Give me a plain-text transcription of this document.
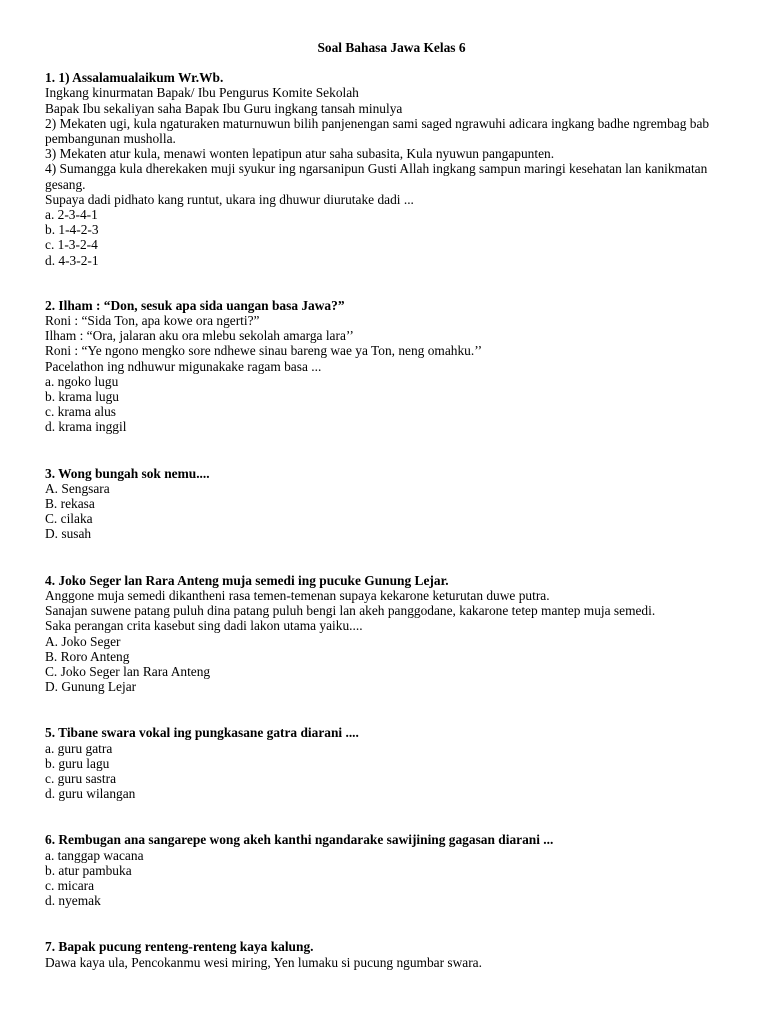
Soal Bahasa Jawa Kelas 6
1. 1) Assalamualaikum Wr.Wb.
Ingkang kinurmatan Bapak/ Ibu Pengurus Komite Sekolah
Bapak Ibu sekaliyan saha Bapak Ibu Guru ingkang tansah minulya
2) Mekaten ugi, kula ngaturaken maturnuwun bilih panjenengan sami saged ngrawuhi adicara ingkang badhe ngrembag bab pembangunan musholla.
3) Mekaten atur kula, menawi wonten lepatipun atur saha subasita, Kula nyuwun pangapunten.
4) Sumangga kula dherekaken muji syukur ing ngarsanipun Gusti Allah ingkang sampun maringi kesehatan lan kanikmatan gesang.
Supaya dadi pidhato kang runtut, ukara ing dhuwur diurutake dadi ...
a. 2-3-4-1
b. 1-4-2-3
c. 1-3-2-4
d. 4-3-2-1
2. Ilham : “Don, sesuk apa sida uangan basa Jawa?”
Roni : “Sida Ton, apa kowe ora ngerti?”
Ilham : “Ora, jalaran aku ora mlebu sekolah amarga lara’’
Roni : “Ye ngono mengko sore ndhewe sinau bareng wae ya Ton, neng omahku.’’
Pacelathon ing ndhuwur migunakake ragam basa ...
a. ngoko lugu
b. krama lugu
c. krama alus
d. krama inggil
3. Wong bungah sok nemu....
A. Sengsara
B. rekasa
C. cilaka
D. susah
4. Joko Seger lan Rara Anteng muja semedi ing pucuke Gunung Lejar.
Anggone muja semedi dikantheni rasa temen-temenan supaya kekarone keturutan duwe putra.
Sanajan suwene patang puluh dina patang puluh bengi lan akeh panggodane, kakarone tetep mantep muja semedi.
Saka perangan crita kasebut sing dadi lakon utama yaiku....
A. Joko Seger
B. Roro Anteng
C. Joko Seger lan Rara Anteng
D. Gunung Lejar
5. Tibane swara vokal ing pungkasane gatra diarani ....
a. guru gatra
b. guru lagu
c. guru sastra
d. guru wilangan
6. Rembugan ana sangarepe wong akeh kanthi ngandarake sawijining gagasan diarani ...
a. tanggap wacana
b. atur pambuka
c. micara
d. nyemak
7. Bapak pucung renteng-renteng kaya kalung.
Dawa kaya ula, Pencokanmu wesi miring, Yen lumaku si pucung ngumbar swara.
